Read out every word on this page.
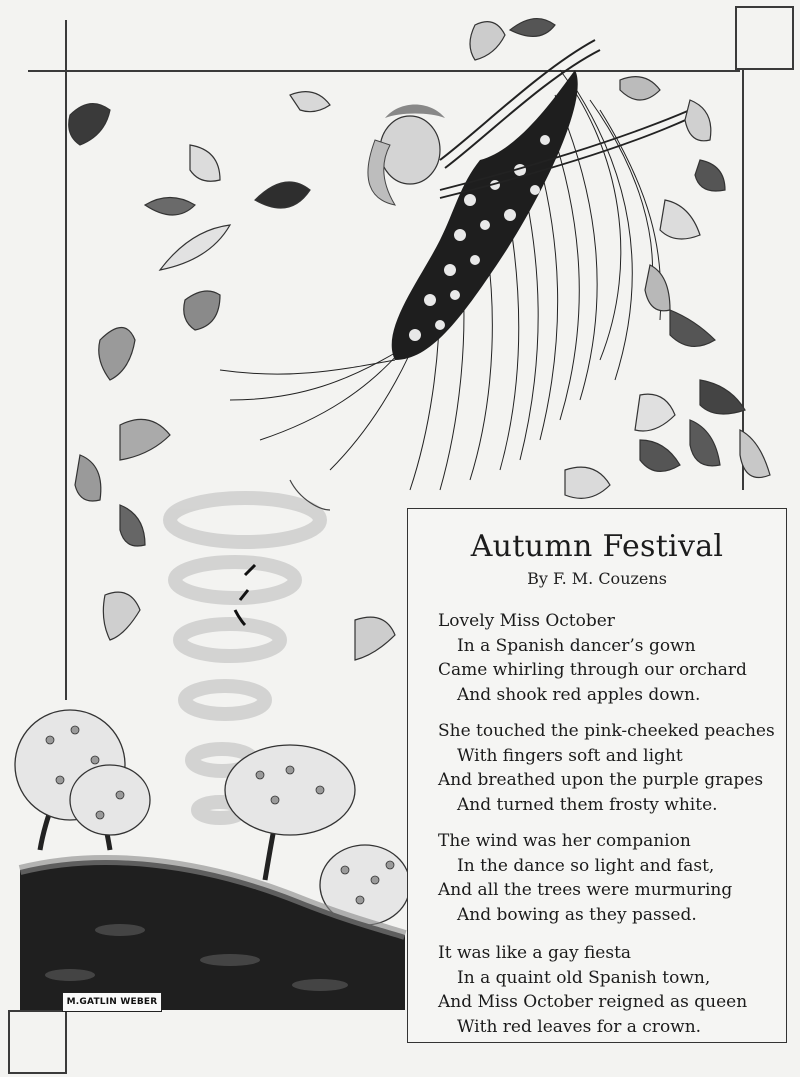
M.GATLIN WEBER
Autumn Festival
By F. M. Couzens
Lovely Miss October
In a Spanish dancer’s gown
Came whirling through our orchard
And shook red apples down.
She touched the pink-cheeked peaches
With fingers soft and light
And breathed upon the purple grapes
And turned them frosty white.
The wind was her companion
In the dance so light and fast,
And all the trees were murmuring
And bowing as they passed.
It was like a gay fiesta
In a quaint old Spanish town,
And Miss October reigned as queen
With red leaves for a crown.
